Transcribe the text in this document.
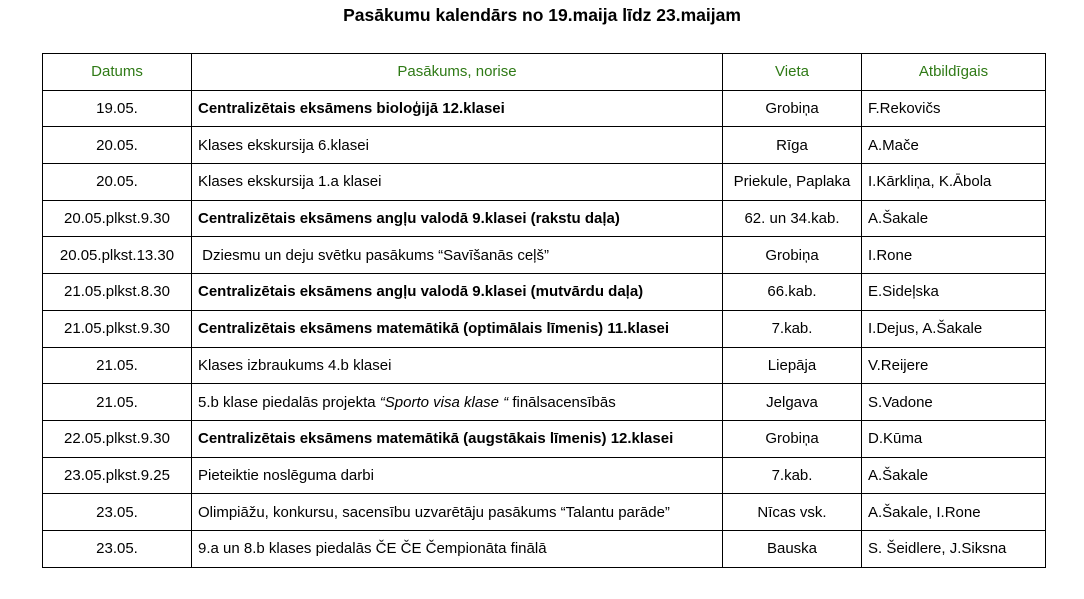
Pasākumu kalendārs no 19.maija līdz 23.maijam
Datums	Pasākums, norise	Vieta	Atbildīgais
19.05.	Centralizētais eksāmens bioloģijā 12.klasei	Grobiņa	F.Rekovičs
20.05.	Klases ekskursija 6.klasei	Rīga	A.Mače
20.05.	Klases ekskursija 1.a klasei	Priekule, Paplaka	I.Kārkliņa, K.Ābola
20.05.plkst.9.30	Centralizētais eksāmens angļu valodā 9.klasei (rakstu daļa)	62. un 34.kab.	A.Šakale
20.05.plkst.13.30	Dziesmu un deju svētku pasākums “Savīšanās ceļš”	Grobiņa	I.Rone
21.05.plkst.8.30	Centralizētais eksāmens angļu valodā 9.klasei (mutvārdu daļa)	66.kab.	E.Sideļska
21.05.plkst.9.30	Centralizētais eksāmens matemātikā (optimālais līmenis) 11.klasei	7.kab.	I.Dejus, A.Šakale
21.05.	Klases izbraukums 4.b klasei	Liepāja	V.Reijere
21.05.	5.b klase piedalās projekta “Sporto visa klase “ finālsacensībās	Jelgava	S.Vadone
22.05.plkst.9.30	Centralizētais eksāmens matemātikā (augstākais līmenis) 12.klasei	Grobiņa	D.Kūma
23.05.plkst.9.25	Pieteiktie noslēguma darbi	7.kab.	A.Šakale
23.05.	Olimpiāžu, konkursu, sacensību uzvarētāju pasākums “Talantu parāde”	Nīcas vsk.	A.Šakale, I.Rone
23.05.	9.a un 8.b klases piedalās ČE ČE Čempionāta finālā	Bauska	S. Šeidlere, J.Siksna
